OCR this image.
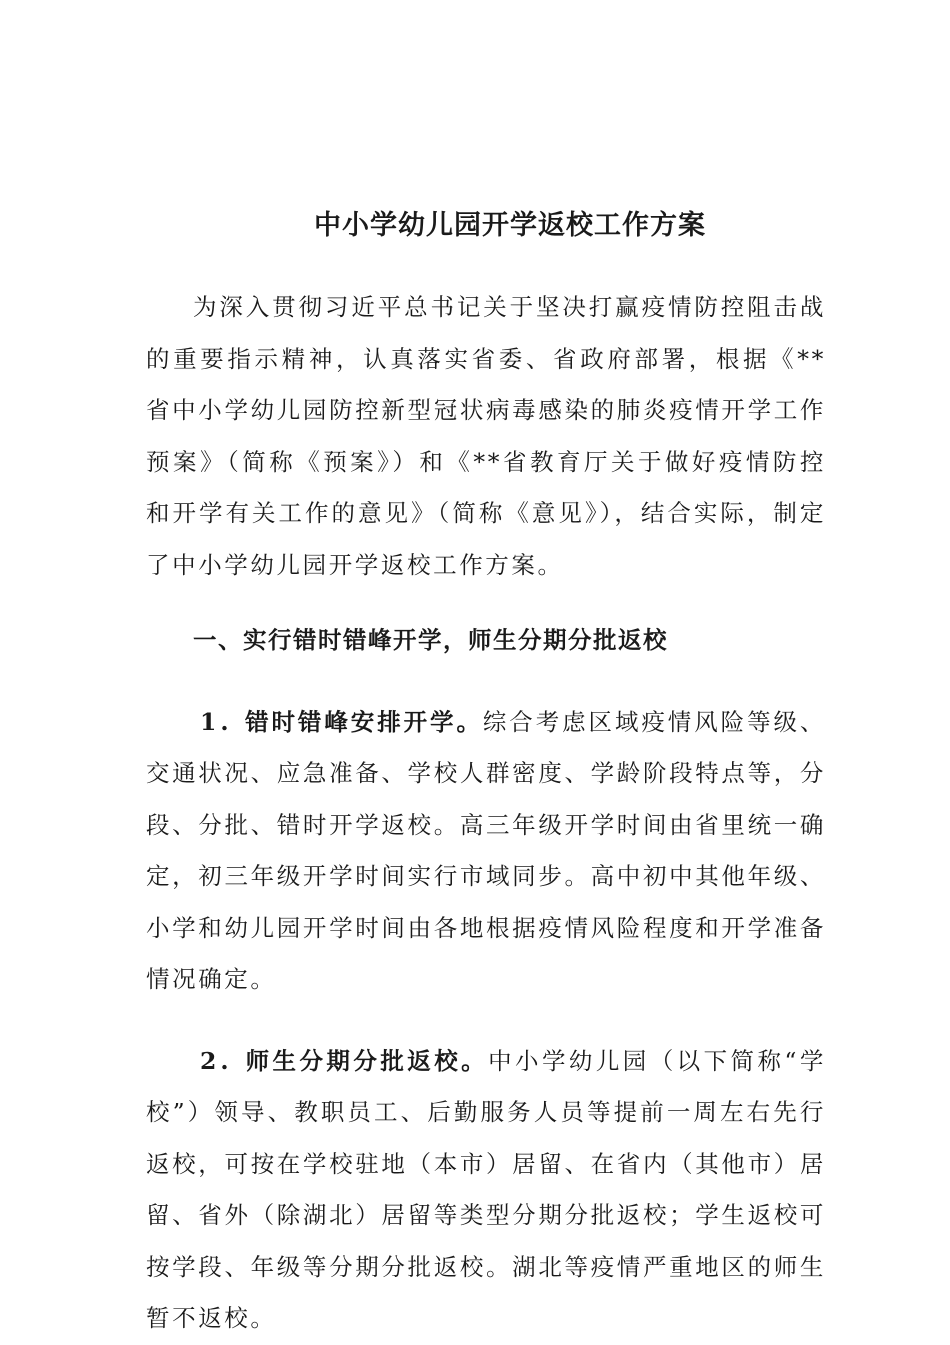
中小学幼儿园开学返校工作方案

为深入贯彻习近平总书记关于坚决打赢疫情防控阻击战的重要指示精神，认真落实省委、省政府部署，根据《**省中小学幼儿园防控新型冠状病毒感染的肺炎疫情开学工作预案》（简称《预案》）和《**省教育厅关于做好疫情防控和开学有关工作的意见》（简称《意见》），结合实际，制定了中小学幼儿园开学返校工作方案。

一、实行错时错峰开学，师生分期分批返校

1. 错时错峰安排开学。综合考虑区域疫情风险等级、交通状况、应急准备、学校人群密度、学龄阶段特点等，分段、分批、错时开学返校。高三年级开学时间由省里统一确定，初三年级开学时间实行市域同步。高中初中其他年级、小学和幼儿园开学时间由各地根据疫情风险程度和开学准备情况确定。

2. 师生分期分批返校。中小学幼儿园（以下简称“学校”）领导、教职员工、后勤服务人员等提前一周左右先行返校，可按在学校驻地（本市）居留、在省内（其他市）居留、省外（除湖北）居留等类型分期分批返校；学生返校可按学段、年级等分期分批返校。湖北等疫情严重地区的师生暂不返校。
